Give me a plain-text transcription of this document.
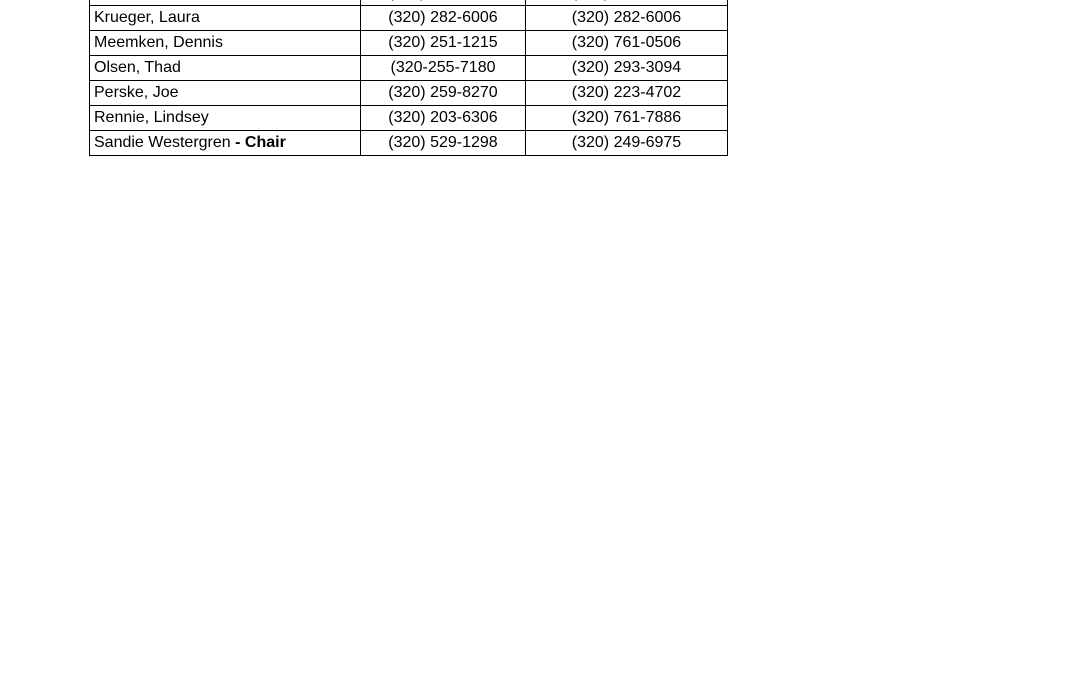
Krueger, Laura	(320) 282-6006	(320) 282-6006
Meemken, Dennis	(320) 251-1215	(320) 761-0506
Olsen, Thad	(320-255-7180	(320) 293-3094
Perske, Joe	(320) 259-8270	(320) 223-4702
Rennie, Lindsey	(320) 203-6306	(320) 761-7886
Sandie Westergren - Chair	(320) 529-1298	(320) 249-6975
